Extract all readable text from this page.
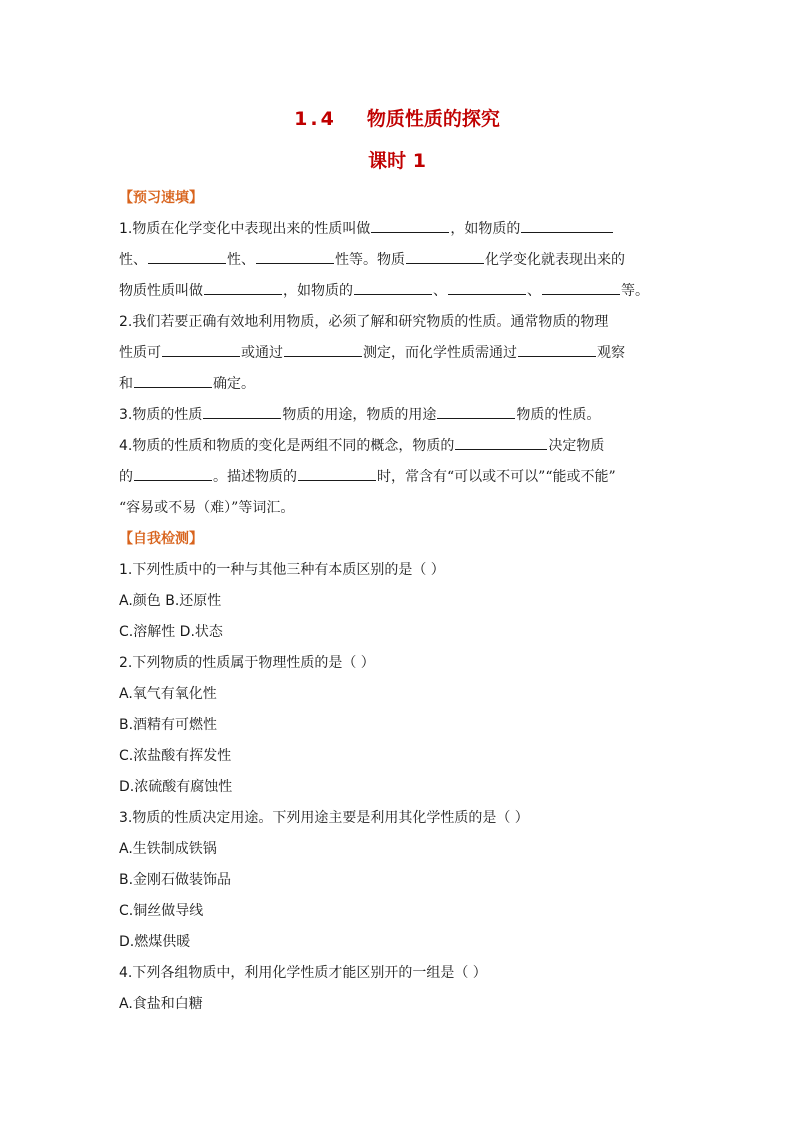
1.4 物质性质的探究
课时 1
【预习速填】
1.物质在化学变化中表现出来的性质叫做	，如物质的
性、	性、	性等。物质	化学变化就表现出来的
物质性质叫做	，如物质的	、	、	等。
2.我们若要正确有效地利用物质，必须了解和研究物质的性质。通常物质的物理
性质可	或通过	测定，而化学性质需通过	观察
和	确定。
3.物质的性质	物质的用途，物质的用途	物质的性质。
4.物质的性质和物质的变化是两组不同的概念，物质的	决定物质
的	。描述物质的	时，常含有“可以或不可以”“能或不能”
“容易或不易（难）”等词汇。
【自我检测】
1.下列性质中的一种与其他三种有本质区别的是（ ）
A.颜色 B.还原性
C.溶解性 D.状态
2.下列物质的性质属于物理性质的是（ ）
A.氧气有氧化性
B.酒精有可燃性
C.浓盐酸有挥发性
D.浓硫酸有腐蚀性
3.物质的性质决定用途。下列用途主要是利用其化学性质的是（ ）
A.生铁制成铁锅
B.金刚石做装饰品
C.铜丝做导线
D.燃煤供暖
4.下列各组物质中，利用化学性质才能区别开的一组是（ ）
A.食盐和白糖
